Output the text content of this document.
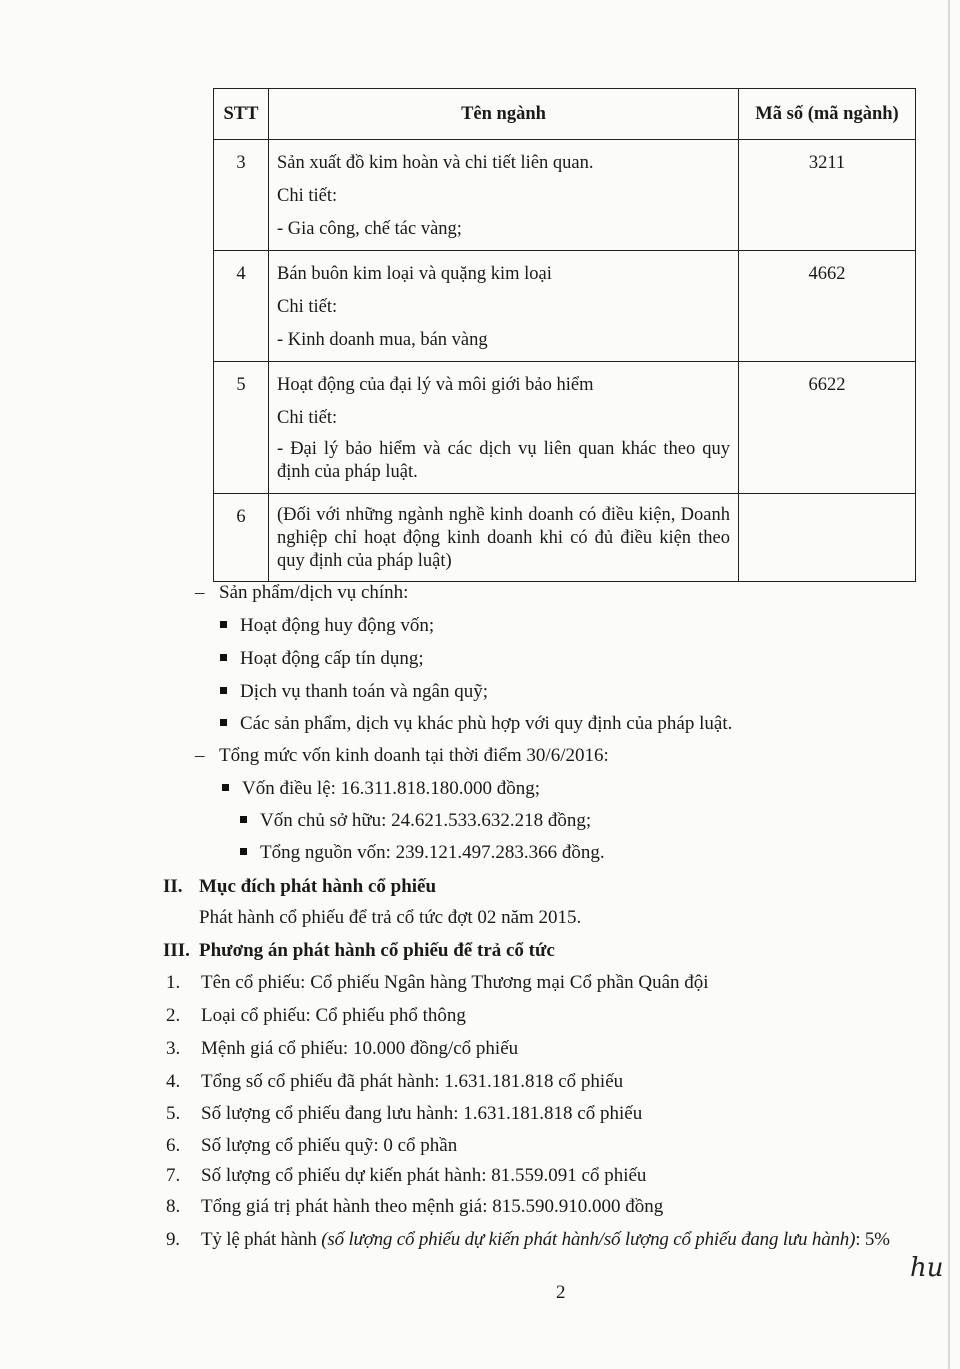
STT	Tên ngành	Mã số (mã ngành)
3	Sản xuất đồ kim hoàn và chi tiết liên quan.
Chi tiết:
- Gia công, chế tác vàng;	3211
4	Bán buôn kim loại và quặng kim loại
Chi tiết:
- Kinh doanh mua, bán vàng	4662
5	Hoạt động của đại lý và môi giới bảo hiểm
Chi tiết:
- Đại lý bảo hiểm và các dịch vụ liên quan khác theo quy định của pháp luật.	6622
6	(Đối với những ngành nghề kinh doanh có điều kiện, Doanh nghiệp chỉ hoạt động kinh doanh khi có đủ điều kiện theo quy định của pháp luật)	

– Sản phẩm/dịch vụ chính:
Hoạt động huy động vốn;
Hoạt động cấp tín dụng;
Dịch vụ thanh toán và ngân quỹ;
Các sản phẩm, dịch vụ khác phù hợp với quy định của pháp luật.
– Tổng mức vốn kinh doanh tại thời điểm 30/6/2016:
Vốn điều lệ: 16.311.818.180.000 đồng;
Vốn chủ sở hữu: 24.621.533.632.218 đồng;
Tổng nguồn vốn: 239.121.497.283.366 đồng.
II. Mục đích phát hành cổ phiếu
Phát hành cổ phiếu để trả cổ tức đợt 02 năm 2015.
III. Phương án phát hành cổ phiếu để trả cổ tức
1. Tên cổ phiếu: Cổ phiếu Ngân hàng Thương mại Cổ phần Quân đội
2. Loại cổ phiếu: Cổ phiếu phổ thông
3. Mệnh giá cổ phiếu: 10.000 đồng/cổ phiếu
4. Tổng số cổ phiếu đã phát hành: 1.631.181.818 cổ phiếu
5. Số lượng cổ phiếu đang lưu hành: 1.631.181.818 cổ phiếu
6. Số lượng cổ phiếu quỹ: 0 cổ phần
7. Số lượng cổ phiếu dự kiến phát hành: 81.559.091 cổ phiếu
8. Tổng giá trị phát hành theo mệnh giá: 815.590.910.000 đồng
9. Tỷ lệ phát hành (số lượng cổ phiếu dự kiến phát hành/số lượng cổ phiếu đang lưu hành): 5%
2
hu
